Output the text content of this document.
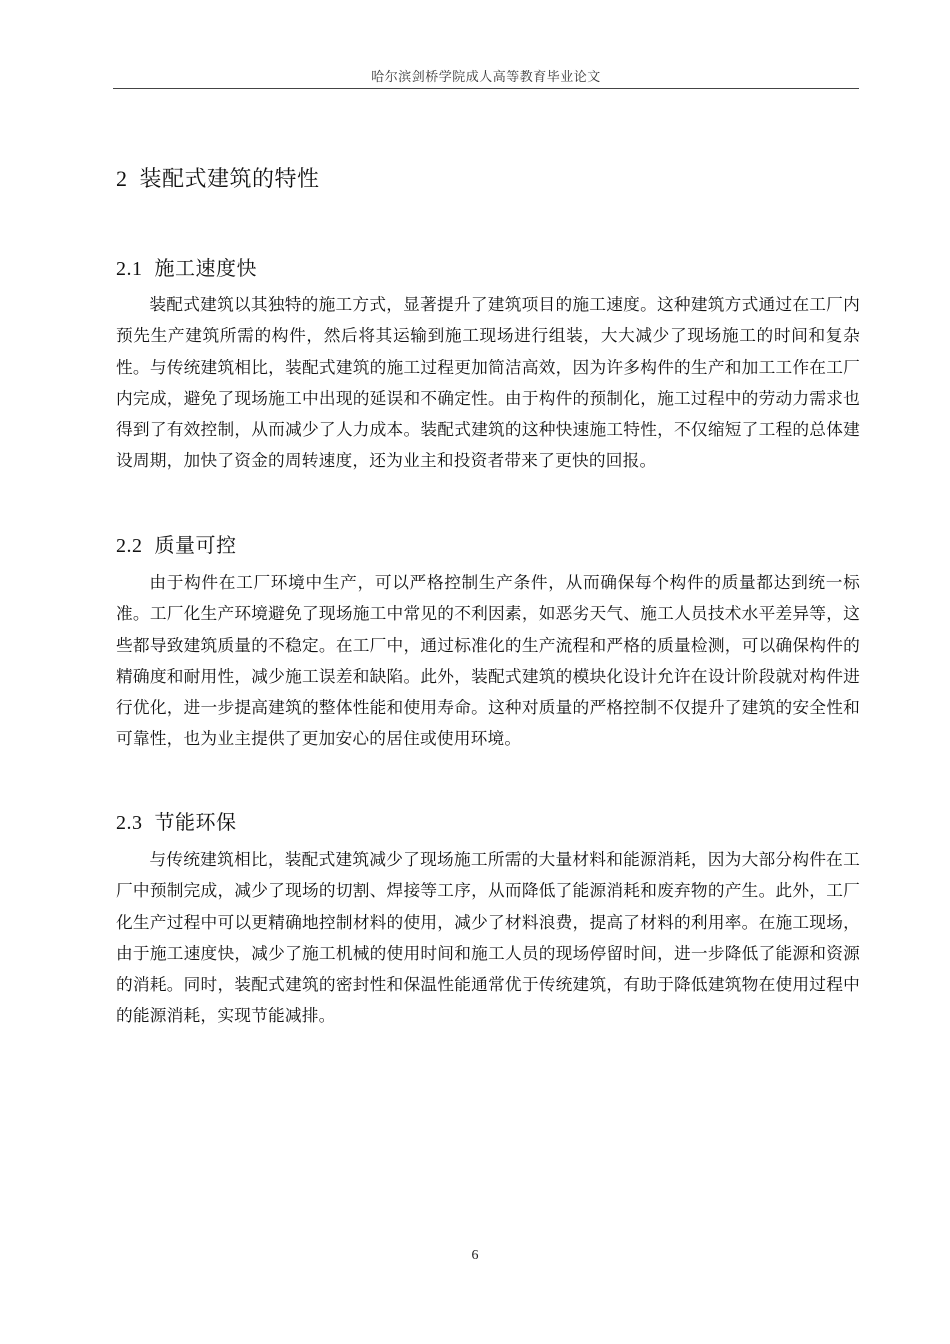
哈尔滨剑桥学院成人高等教育毕业论文
2 装配式建筑的特性
2.1 施工速度快

装配式建筑以其独特的施工方式，显著提升了建筑项目的施工速度。这种建筑方式通过在工厂内预先生产建筑所需的构件，然后将其运输到施工现场进行组装，大大减少了现场施工的时间和复杂性。与传统建筑相比，装配式建筑的施工过程更加简洁高效，因为许多构件的生产和加工工作在工厂内完成，避免了现场施工中出现的延误和不确定性。由于构件的预制化，施工过程中的劳动力需求也得到了有效控制，从而减少了人力成本。装配式建筑的这种快速施工特性，不仅缩短了工程的总体建设周期，加快了资金的周转速度，还为业主和投资者带来了更快的回报。

2.2 质量可控

由于构件在工厂环境中生产，可以严格控制生产条件，从而确保每个构件的质量都达到统一标准。工厂化生产环境避免了现场施工中常见的不利因素，如恶劣天气、施工人员技术水平差异等，这些都导致建筑质量的不稳定。在工厂中，通过标准化的生产流程和严格的质量检测，可以确保构件的精确度和耐用性，减少施工误差和缺陷。此外，装配式建筑的模块化设计允许在设计阶段就对构件进行优化，进一步提高建筑的整体性能和使用寿命。这种对质量的严格控制不仅提升了建筑的安全性和可靠性，也为业主提供了更加安心的居住或使用环境。

2.3 节能环保

与传统建筑相比，装配式建筑减少了现场施工所需的大量材料和能源消耗，因为大部分构件在工厂中预制完成，减少了现场的切割、焊接等工序，从而降低了能源消耗和废弃物的产生。此外，工厂化生产过程中可以更精确地控制材料的使用，减少了材料浪费，提高了材料的利用率。在施工现场，由于施工速度快，减少了施工机械的使用时间和施工人员的现场停留时间，进一步降低了能源和资源的消耗。同时，装配式建筑的密封性和保温性能通常优于传统建筑，有助于降低建筑物在使用过程中的能源消耗，实现节能减排。

6
